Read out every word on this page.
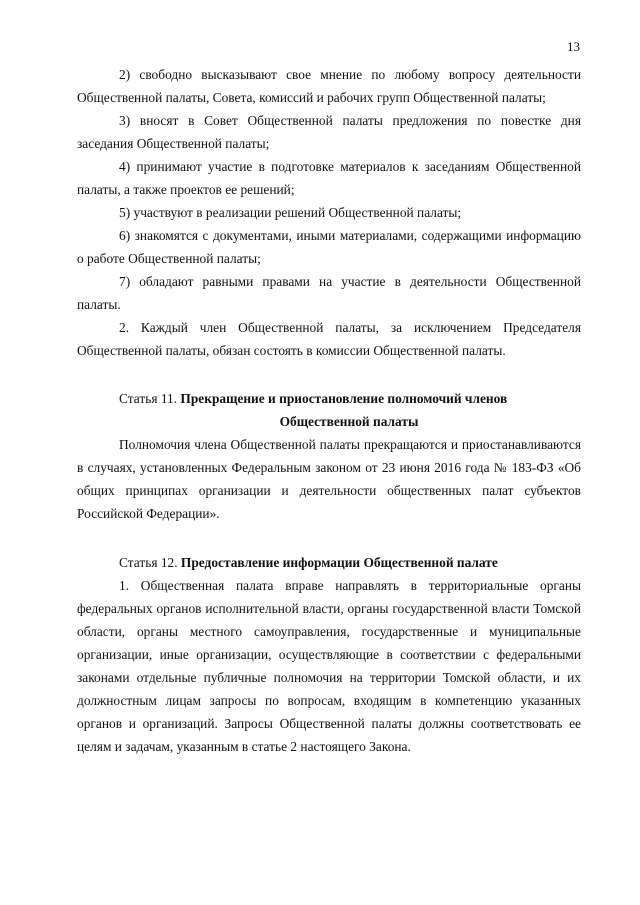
13

2) свободно высказывают свое мнение по любому вопросу деятельности Общественной палаты, Совета, комиссий и рабочих групп Общественной палаты;

3) вносят в Совет Общественной палаты предложения по повестке дня заседания Общественной палаты;

4) принимают участие в подготовке материалов к заседаниям Общественной палаты, а также проектов ее решений;

5) участвуют в реализации решений Общественной палаты;

6) знакомятся с документами, иными материалами, содержащими информацию о работе Общественной палаты;

7) обладают равными правами на участие в деятельности Общественной палаты.

2. Каждый член Общественной палаты, за исключением Председателя Общественной палаты, обязан состоять в комиссии Общественной палаты.

Статья 11. Прекращение и приостановление полномочий членов
Общественной палаты

Полномочия члена Общественной палаты прекращаются и приостанавливаются в случаях, установленных Федеральным законом от 23 июня 2016 года № 183-ФЗ «Об общих принципах организации и деятельности общественных палат субъектов Российской Федерации».

Статья 12. Предоставление информации Общественной палате

1. Общественная палата вправе направлять в территориальные органы федеральных органов исполнительной власти, органы государственной власти Томской области, органы местного самоуправления, государственные и муниципальные организации, иные организации, осуществляющие в соответствии с федеральными законами отдельные публичные полномочия на территории Томской области, и их должностным лицам запросы по вопросам, входящим в компетенцию указанных органов и организаций. Запросы Общественной палаты должны соответствовать ее целям и задачам, указанным в статье 2 настоящего Закона.
